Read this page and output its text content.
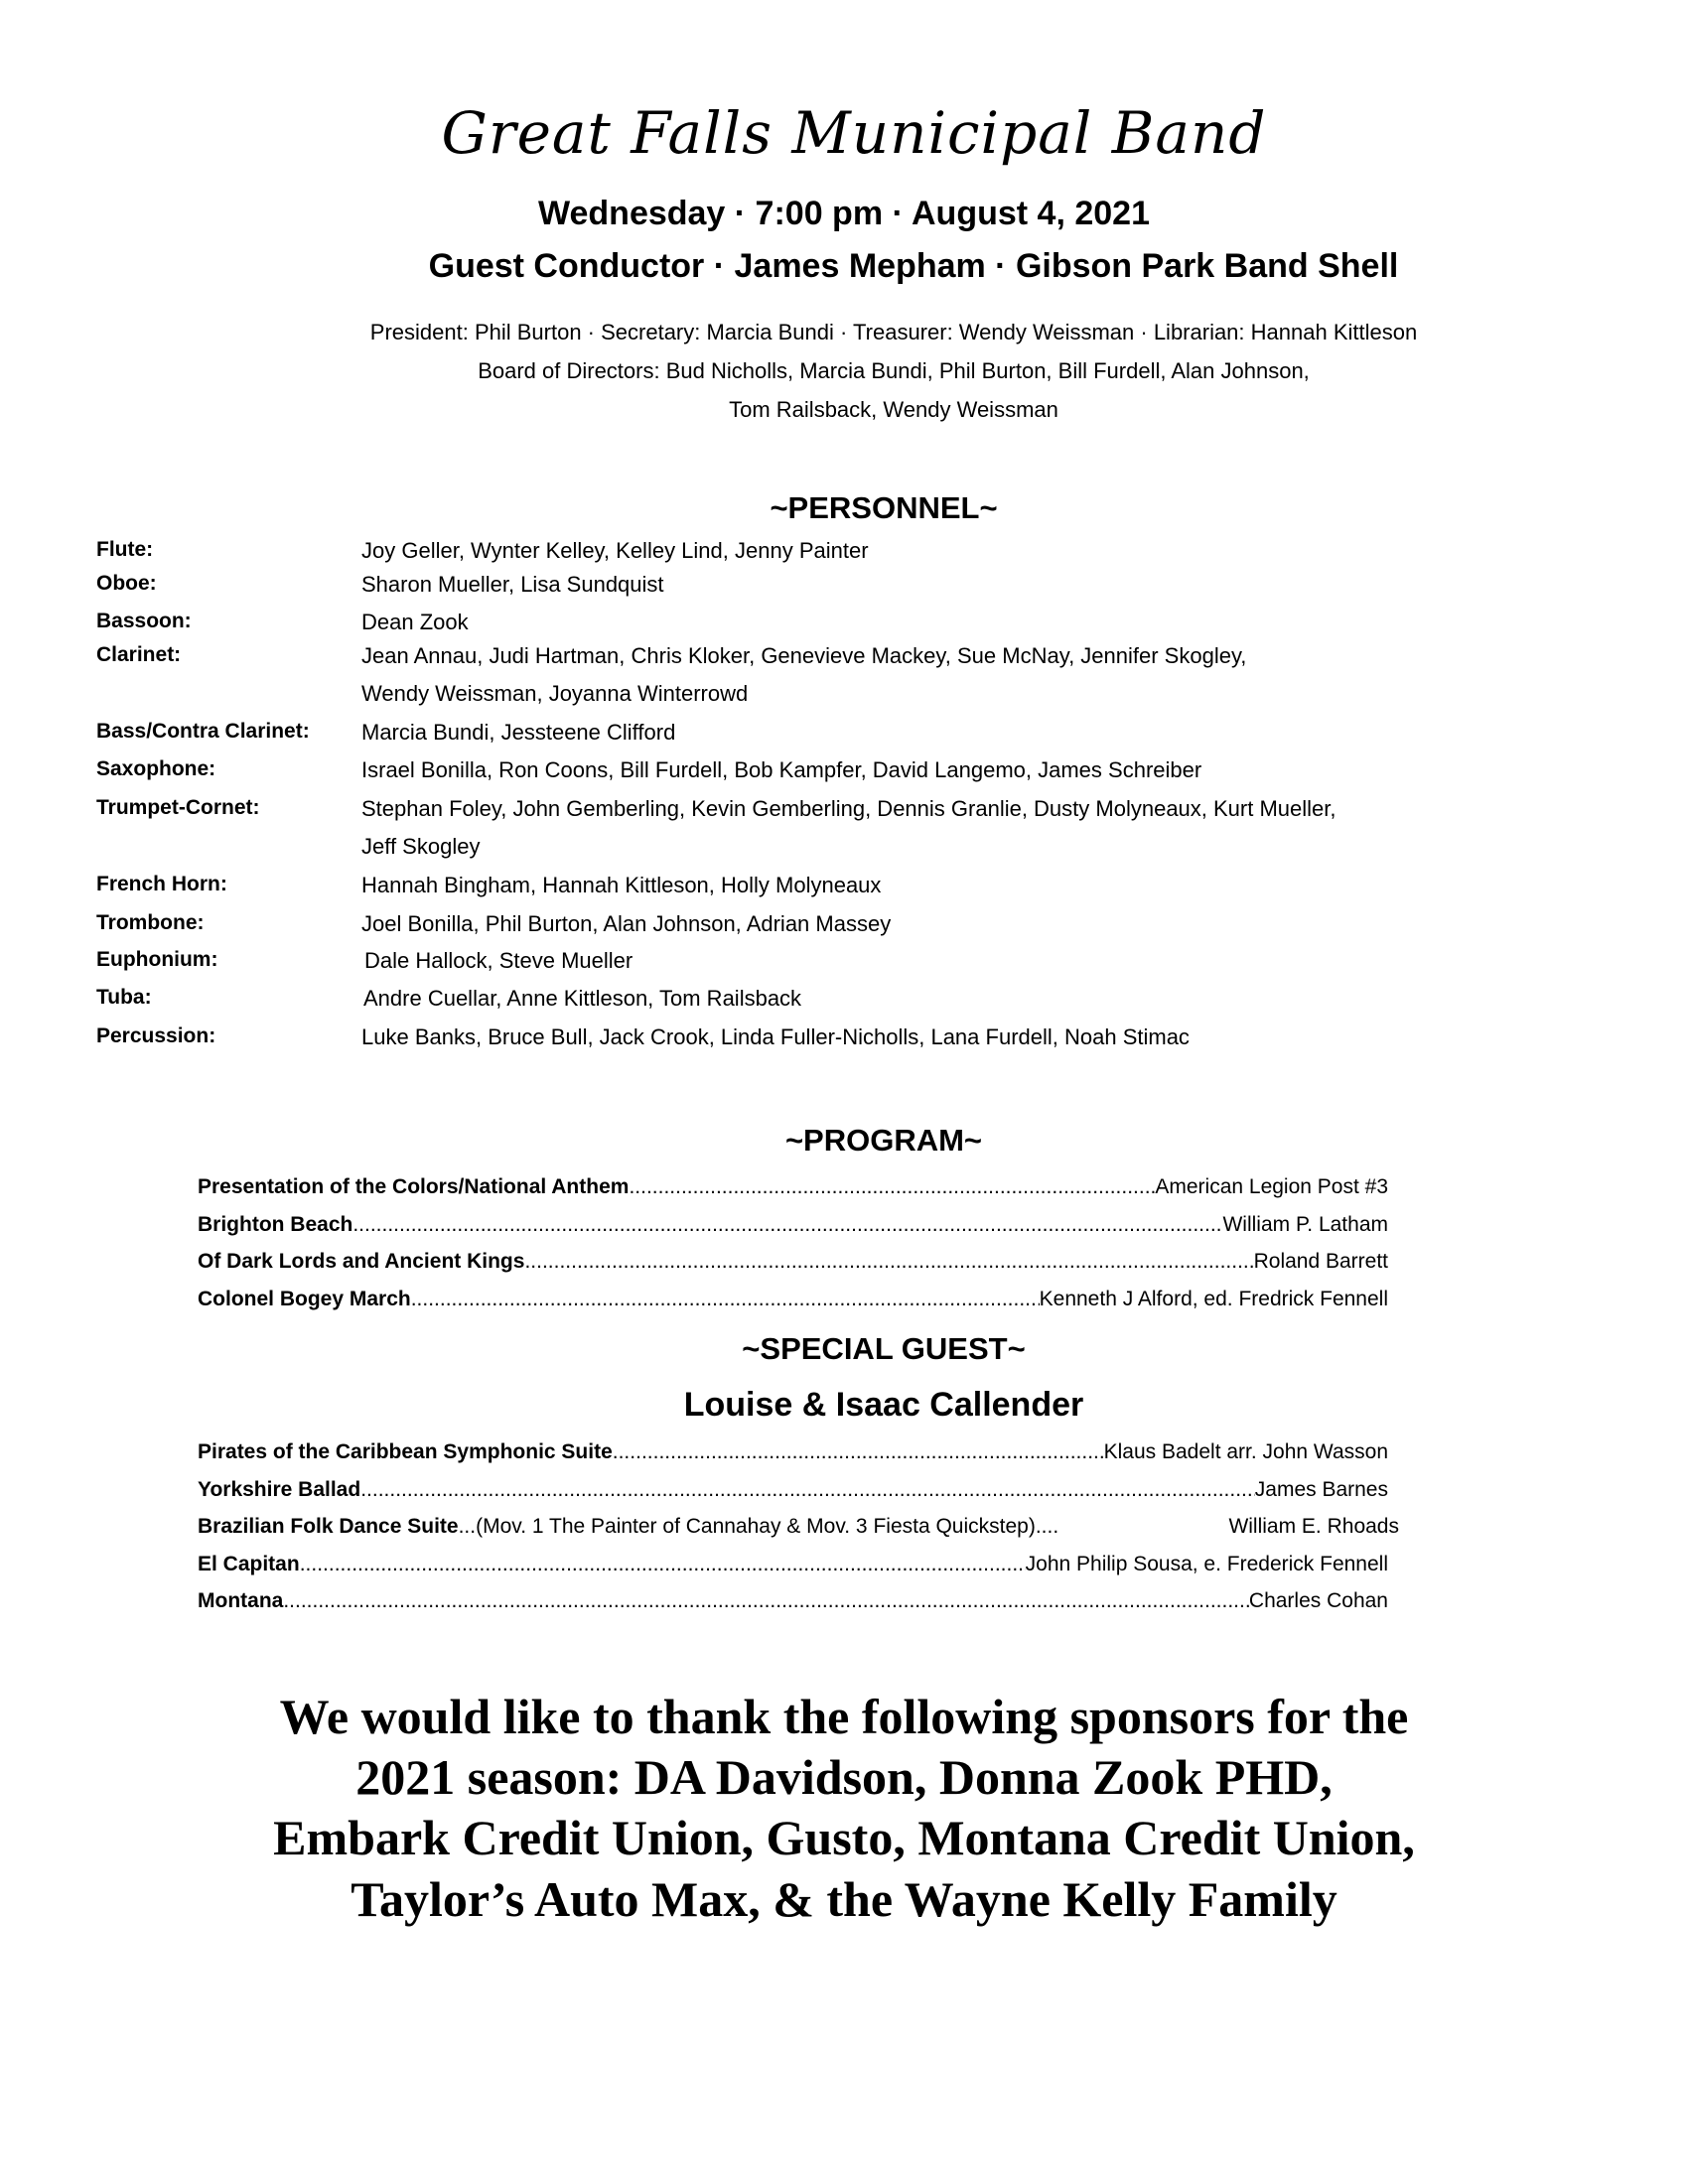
Great Falls Municipal Band
Wednesday · 7:00 pm · August 4, 2021
Guest Conductor · James Mepham · Gibson Park Band Shell
President: Phil Burton · Secretary: Marcia Bundi · Treasurer: Wendy Weissman · Librarian: Hannah Kittleson
Board of Directors: Bud Nicholls, Marcia Bundi, Phil Burton, Bill Furdell, Alan Johnson,
Tom Railsback, Wendy Weissman
~PERSONNEL~
Flute:	Joy Geller, Wynter Kelley, Kelley Lind, Jenny Painter
Oboe:	Sharon Mueller, Lisa Sundquist
Bassoon:	Dean Zook
Clarinet:	Jean Annau, Judi Hartman, Chris Kloker, Genevieve Mackey, Sue McNay, Jennifer Skogley,
Wendy Weissman, Joyanna Winterrowd
Bass/Contra Clarinet: Marcia Bundi, Jessteene Clifford
Saxophone:	Israel Bonilla, Ron Coons, Bill Furdell, Bob Kampfer, David Langemo, James Schreiber
Trumpet-Cornet:	Stephan Foley, John Gemberling, Kevin Gemberling, Dennis Granlie, Dusty Molyneaux, Kurt Mueller,
Jeff Skogley
French Horn:	Hannah Bingham, Hannah Kittleson, Holly Molyneaux
Trombone:	Joel Bonilla, Phil Burton, Alan Johnson, Adrian Massey
Euphonium:	Dale Hallock, Steve Mueller
Tuba:	Andre Cuellar, Anne Kittleson, Tom Railsback
Percussion:	Luke Banks, Bruce Bull, Jack Crook, Linda Fuller-Nicholls, Lana Furdell, Noah Stimac
~PROGRAM~
Presentation of the Colors/National Anthem .....	American Legion Post #3
Brighton Beach .....	William P. Latham
Of Dark Lords and Ancient Kings .....	Roland Barrett
Colonel Bogey March .....	Kenneth J Alford, ed. Fredrick Fennell
~SPECIAL GUEST~
Louise & Isaac Callender
Pirates of the Caribbean Symphonic Suite .....	Klaus Badelt arr. John Wasson
Yorkshire Ballad .....	James Barnes
Brazilian Folk Dance Suite ...(Mov. 1 The Painter of Cannahay & Mov. 3 Fiesta Quickstep)....	William E. Rhoads
El Capitan .....	John Philip Sousa, e. Frederick Fennell
Montana .....	Charles Cohan
We would like to thank the following sponsors for the
2021 season: DA Davidson, Donna Zook PHD,
Embark Credit Union, Gusto, Montana Credit Union,
Taylor’s Auto Max, & the Wayne Kelly Family
